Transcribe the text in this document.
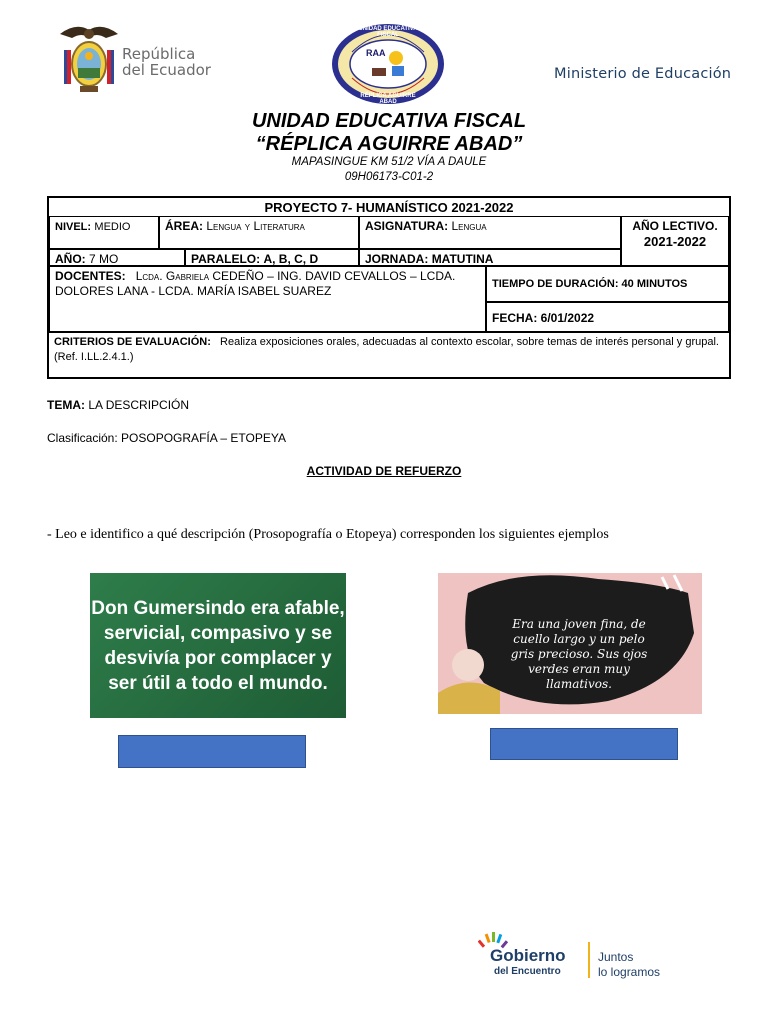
República
del Ecuador
RAA
UNIDAD EDUCATIVA FISCAL
RÉPLICA AGUIRRE ABAD
Ministerio de Educación
UNIDAD EDUCATIVA FISCAL
“RÉPLICA AGUIRRE ABAD”
MAPASINGUE KM 51/2 VÍA A DAULE
09H06173-C01-2
PROYECTO 7- HUMANÍSTICO 2021-2022
NIVEL: MEDIO	ÁREA: Lengua y Literatura	ASIGNATURA: Lengua	AÑO LECTIVO.
2021-2022
AÑO: 7 MO	PARALELO: A, B, C, D	JORNADA: MATUTINA
DOCENTES: Lcda. Gabriela CEDEÑO – ING. DAVID CEVALLOS – LCDA. DOLORES LANA - LCDA. MARÍA ISABEL SUAREZ	TIEMPO DE DURACIÓN: 40 MINUTOS
FECHA: 6/01/2022
CRITERIOS DE EVALUACIÓN: Realiza exposiciones orales, adecuadas al contexto escolar, sobre temas de interés personal y grupal. (Ref. I.LL.2.4.1.)
TEMA: LA DESCRIPCIÓN
Clasificación: POSOPOGRAFÍA – ETOPEYA
ACTIVIDAD DE REFUERZO
- Leo e identifico a qué descripción (Prosopografía o Etopeya) corresponden los siguientes ejemplos
Don Gumersindo era afable, servicial, compasivo y se desvivía por complacer y ser útil a todo el mundo.
Era una joven fina, de cuello largo y un pelo gris precioso. Sus ojos verdes eran muy llamativos.
Gobierno
del Encuentro
Juntos
lo logramos
